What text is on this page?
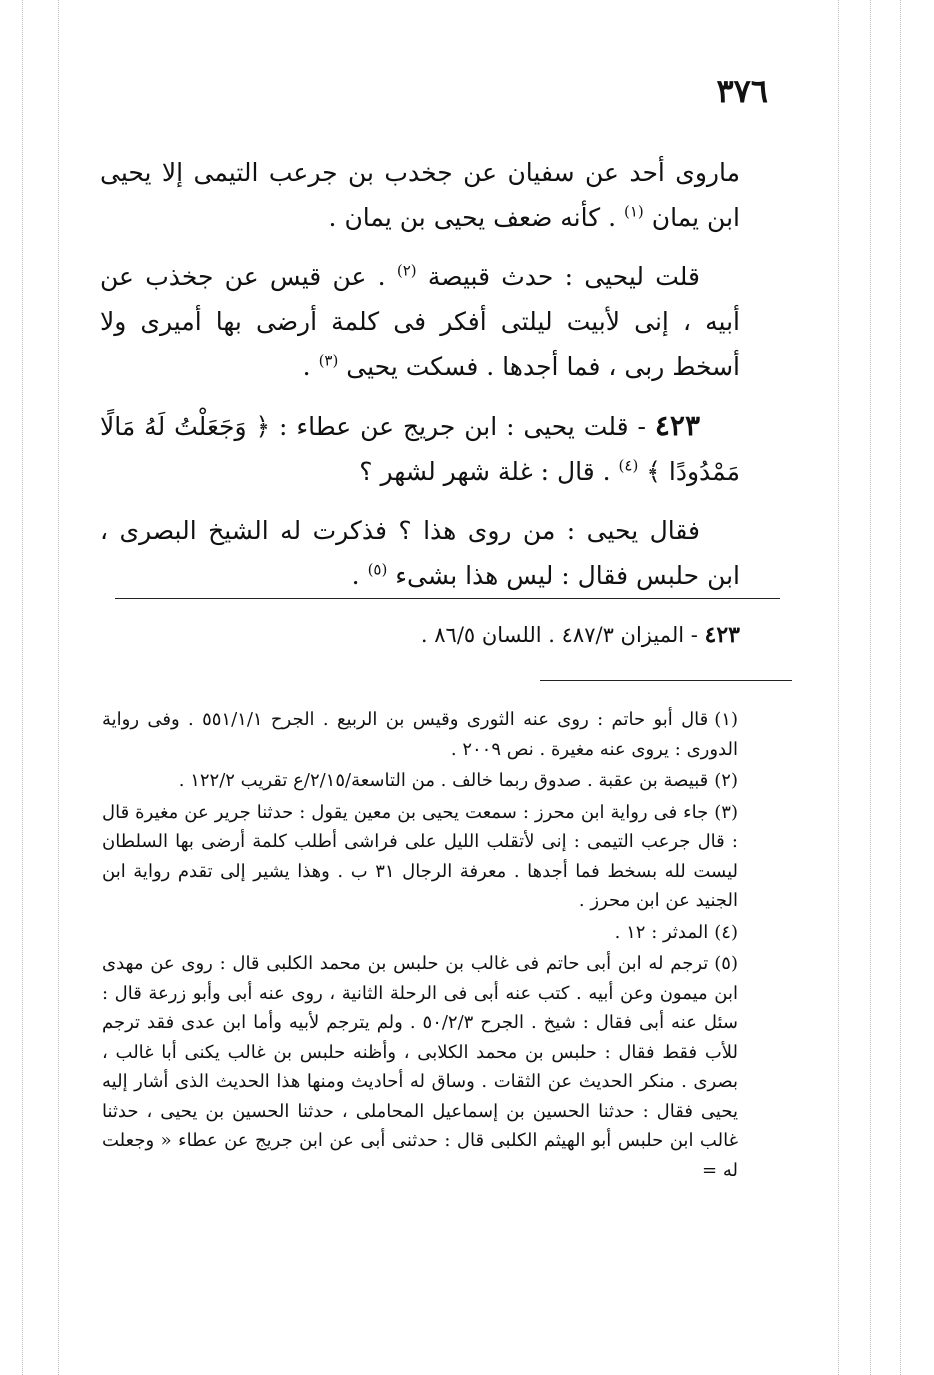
٣٧٦

ماروى أحد عن سفيان عن جخدب بن جرعب التيمى إلا يحيى ابن يمان $^{(١)}$ . كأنه ضعف يحيى بن يمان .

قلت ليحيى : حدث قبيصة $^{(٢)}$ . عن قيس عن جخذب عن أبيه ، إنى لأبيت ليلتى أفكر فى كلمة أرضى بها أميرى ولا أسخط ربى ، فما أجدها . فسكت يحيى $^{(٣)}$ .

٤٢٣ - قلت يحيى : ابن جريج عن عطاء : ﴿ وَجَعَلْتُ لَهُ مَالًا مَمْدُودًا ﴾ $^{(٤)}$ . قال : غلة شهر لشهر ؟

فقال يحيى : من روى هذا ؟ فذكرت له الشيخ البصرى ، ابن حلبس فقال : ليس هذا بشىء $^{(٥)}$ .

٤٢٣ - الميزان ٤٨٧/٣ . اللسان ٨٦/٥ .

(١)قال أبو حاتم : روى عنه الثورى وقيس بن الربيع . الجرح ٥٥١/١/١ . وفى رواية الدورى : يروى عنه مغيرة . نص ٢٠٠٩ .

(٢)قبيصة بن عقبة . صدوق ربما خالف . من التاسعة/٢/١٥/ع تقريب ١٢٢/٢ .

(٣)جاء فى رواية ابن محرز : سمعت يحيى بن معين يقول : حدثنا جرير عن مغيرة قال : قال جرعب التيمى : إنى لأتقلب الليل على فراشى أطلب كلمة أرضى بها السلطان ليست لله بسخط فما أجدها . معرفة الرجال ٣١ ب . وهذا يشير إلى تقدم رواية ابن الجنيد عن ابن محرز .

(٤)المدثر : ١٢ .

(٥)ترجم له ابن أبى حاتم فى غالب بن حلبس بن محمد الكلبى قال : روى عن مهدى ابن ميمون وعن أبيه . كتب عنه أبى فى الرحلة الثانية ، روى عنه أبى وأبو زرعة قال : سئل عنه أبى فقال : شيخ . الجرح ٥٠/٢/٣ . ولم يترجم لأبيه وأما ابن عدى فقد ترجم للأب فقط فقال : حلبس بن محمد الكلابى ، وأظنه حلبس بن غالب يكنى أبا غالب ، بصرى . منكر الحديث عن الثقات . وساق له أحاديث ومنها هذا الحديث الذى أشار إليه يحيى فقال : حدثنا الحسين بن إسماعيل المحاملى ، حدثنا الحسين بن يحيى ، حدثنا غالب ابن حلبس أبو الهيثم الكلبى قال : حدثنى أبى عن ابن جريج عن عطاء « وجعلت له =
